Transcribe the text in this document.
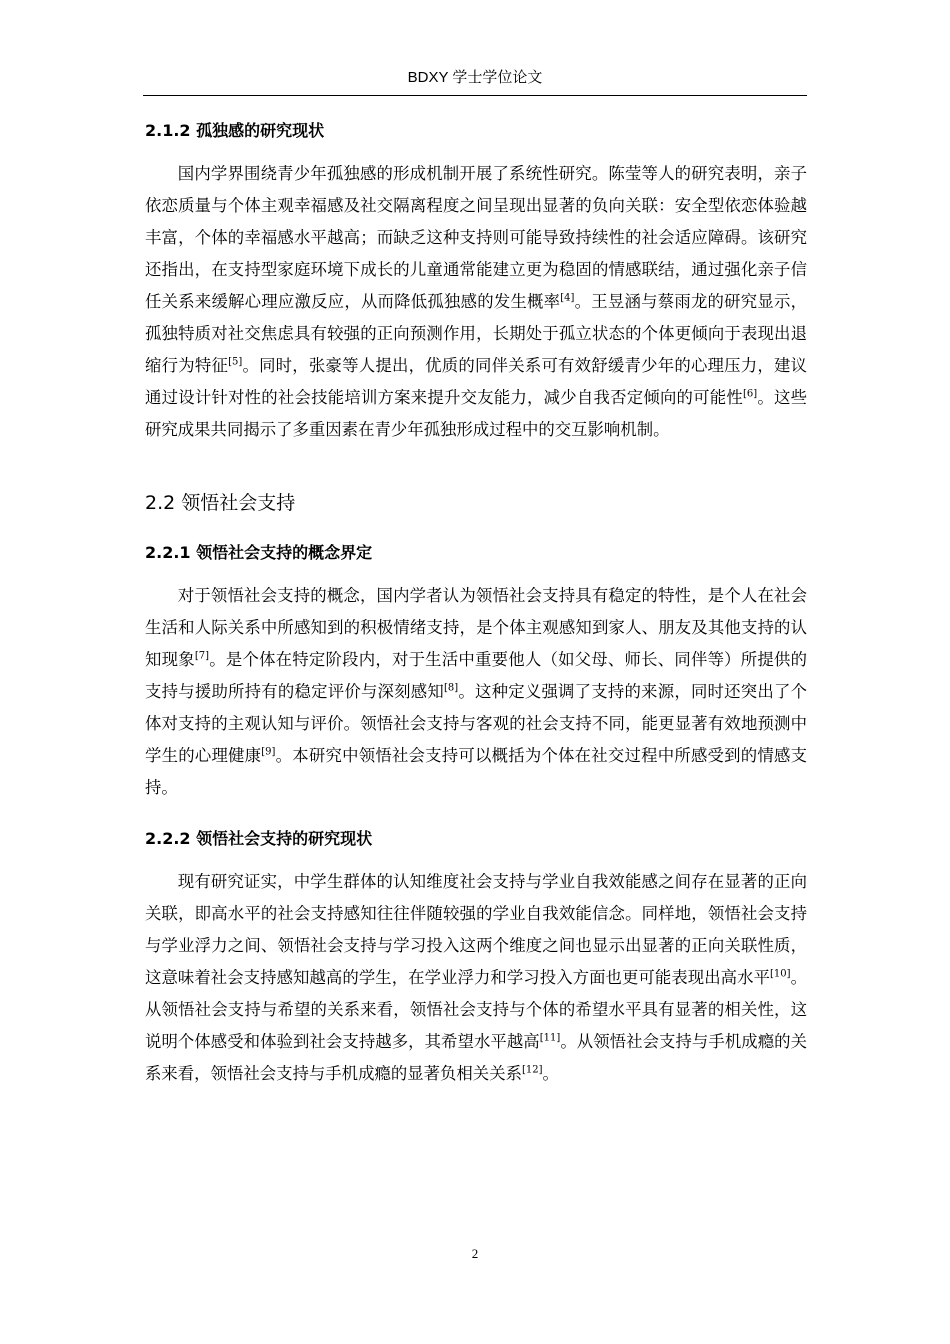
BDXY 学士学位论文
2.1.2 孤独感的研究现状

国内学界围绕青少年孤独感的形成机制开展了系统性研究。陈莹等人的研究表明，亲子依恋质量与个体主观幸福感及社交隔离程度之间呈现出显著的负向关联：安全型依恋体验越丰富，个体的幸福感水平越高；而缺乏这种支持则可能导致持续性的社会适应障碍。该研究还指出，在支持型家庭环境下成长的儿童通常能建立更为稳固的情感联结，通过强化亲子信任关系来缓解心理应激反应，从而降低孤独感的发生概率[4]。王昱涵与蔡雨龙的研究显示，孤独特质对社交焦虑具有较强的正向预测作用，长期处于孤立状态的个体更倾向于表现出退缩行为特征[5]。同时，张豪等人提出，优质的同伴关系可有效舒缓青少年的心理压力，建议通过设计针对性的社会技能培训方案来提升交友能力，减少自我否定倾向的可能性[6]。这些研究成果共同揭示了多重因素在青少年孤独形成过程中的交互影响机制。

2.2 领悟社会支持
2.2.1 领悟社会支持的概念界定

对于领悟社会支持的概念，国内学者认为领悟社会支持具有稳定的特性，是个人在社会生活和人际关系中所感知到的积极情绪支持，是个体主观感知到家人、朋友及其他支持的认知现象[7]。是个体在特定阶段内，对于生活中重要他人（如父母、师长、同伴等）所提供的支持与援助所持有的稳定评价与深刻感知[8]。这种定义强调了支持的来源，同时还突出了个体对支持的主观认知与评价。领悟社会支持与客观的社会支持不同，能更显著有效地预测中学生的心理健康[9]。本研究中领悟社会支持可以概括为个体在社交过程中所感受到的情感支持。

2.2.2 领悟社会支持的研究现状

现有研究证实，中学生群体的认知维度社会支持与学业自我效能感之间存在显著的正向关联，即高水平的社会支持感知往往伴随较强的学业自我效能信念。同样地，领悟社会支持与学业浮力之间、领悟社会支持与学习投入这两个维度之间也显示出显著的正向关联性质，这意味着社会支持感知越高的学生，在学业浮力和学习投入方面也更可能表现出高水平[10]。从领悟社会支持与希望的关系来看，领悟社会支持与个体的希望水平具有显著的相关性，这说明个体感受和体验到社会支持越多，其希望水平越高[11]。从领悟社会支持与手机成瘾的关系来看，领悟社会支持与手机成瘾的显著负相关关系[12]。

2
